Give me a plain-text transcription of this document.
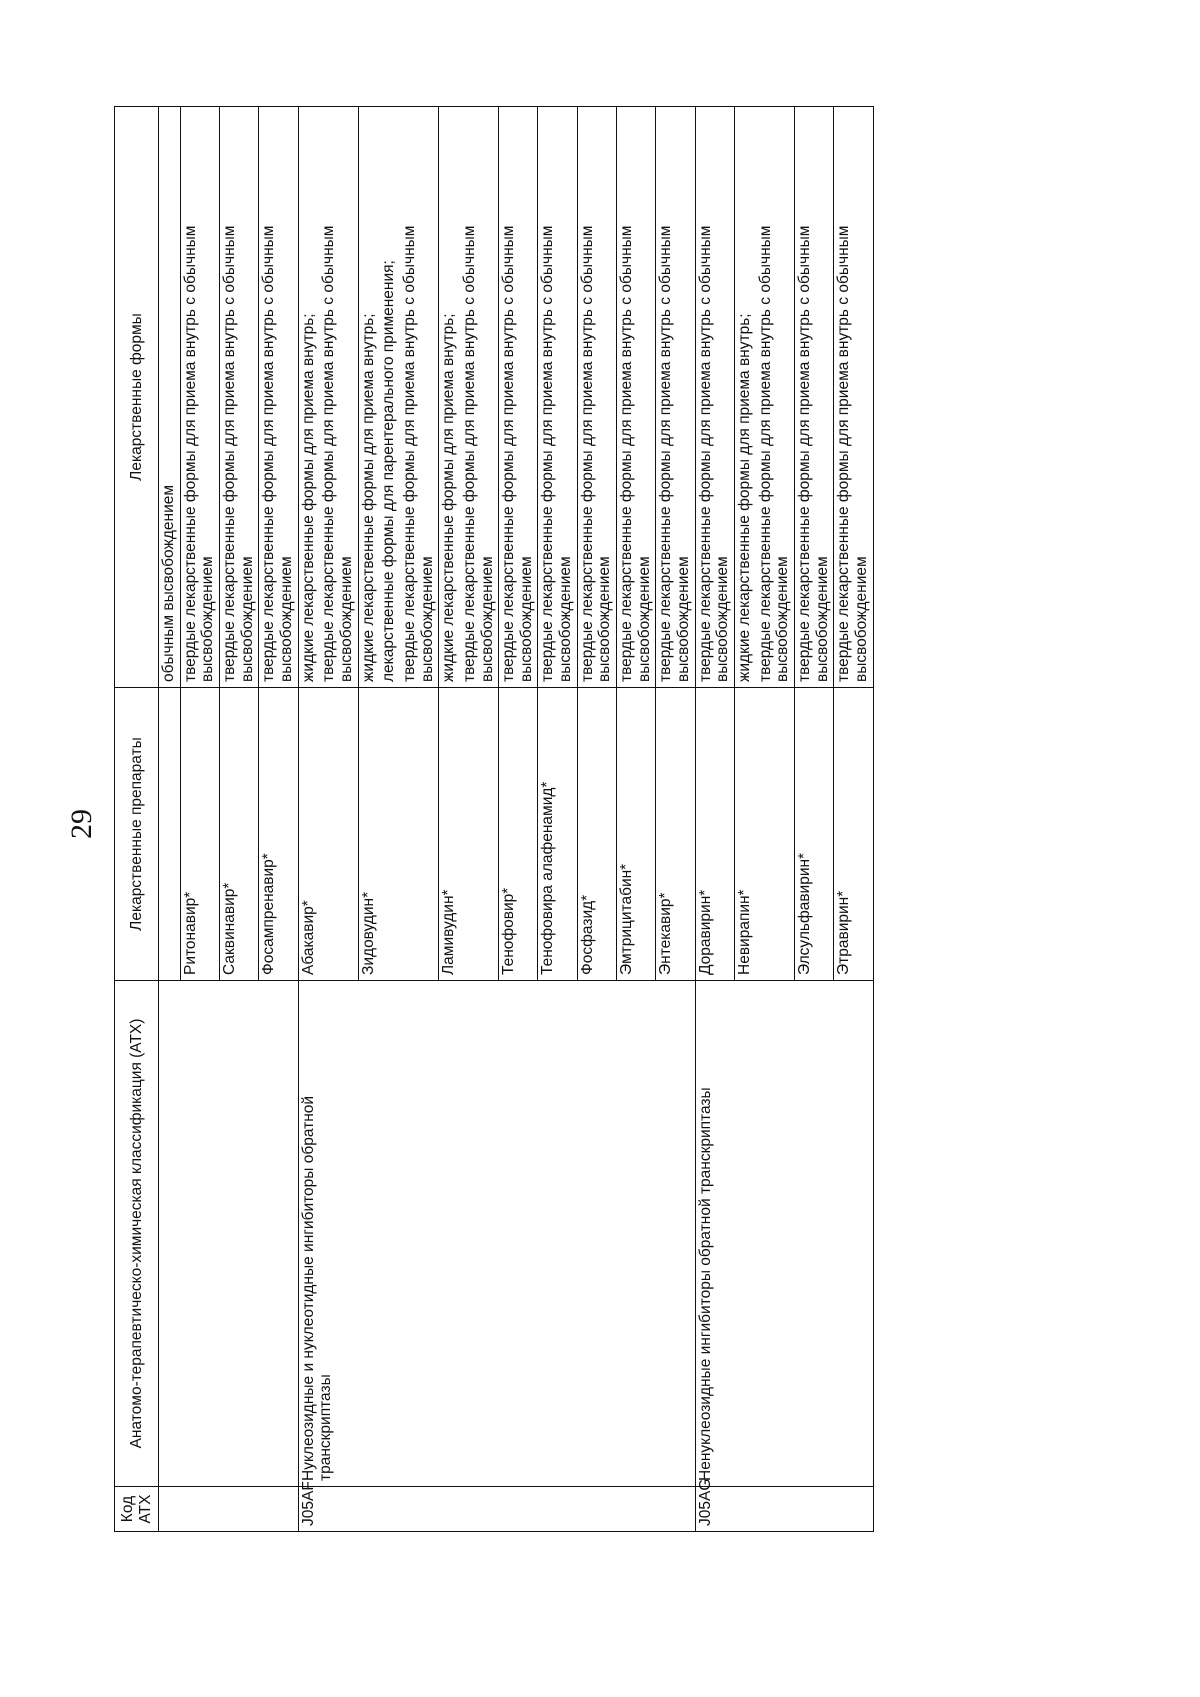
29
Код АТХ	Анатомо-терапевтическо-химическая классификация (АТХ)	Лекарственные препараты	Лекарственные формы

			обычным высвобождением

		Ритонавир*	твердые лекарственные формы для приема внутрь с обычным высвобождением

		Саквинавир*	твердые лекарственные формы для приема внутрь с обычным высвобождением

		Фосампренавир*	твердые лекарственные формы для приема внутрь с обычным высвобождением

J05AF	Нуклеозидные и нуклеотидные ингибиторы обратной транскриптазы	Абакавир*	жидкие лекарственные формы для приема внутрь; твердые лекарственные формы для приема внутрь с обычным высвобождением

		Зидовудин*	жидкие лекарственные формы для приема внутрь; лекарственные формы для парентерального применения; твердые лекарственные формы для приема внутрь с обычным высвобождением

		Ламивудин*	жидкие лекарственные формы для приема внутрь; твердые лекарственные формы для приема внутрь с обычным высвобождением

		Тенофовир*	твердые лекарственные формы для приема внутрь с обычным высвобождением

		Тенофовира алафенамид*	твердые лекарственные формы для приема внутрь с обычным высвобождением

		Фосфазид*	твердые лекарственные формы для приема внутрь с обычным высвобождением

		Эмтрицитабин*	твердые лекарственные формы для приема внутрь с обычным высвобождением

		Энтекавир*	твердые лекарственные формы для приема внутрь с обычным высвобождением

J05AG	Ненуклеозидные ингибиторы обратной транскриптазы	Доравирин*	твердые лекарственные формы для приема внутрь с обычным высвобождением

		Невирапин*	жидкие лекарственные формы для приема внутрь; твердые лекарственные формы для приема внутрь с обычным высвобождением

		Элсульфавирин*	твердые лекарственные формы для приема внутрь с обычным высвобождением

		Этравирин*	твердые лекарственные формы для приема внутрь с обычным высвобождением
